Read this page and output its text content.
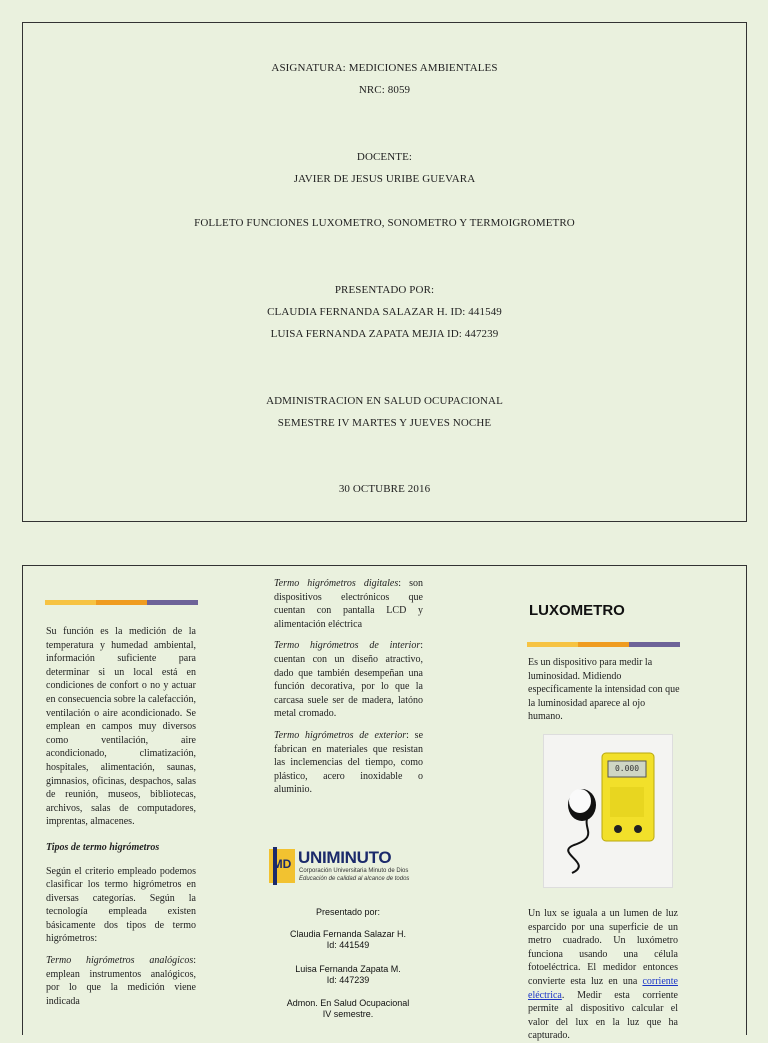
ASIGNATURA: MEDICIONES AMBIENTALES
NRC: 8059
DOCENTE:
JAVIER DE JESUS URIBE GUEVARA
FOLLETO FUNCIONES LUXOMETRO, SONOMETRO Y TERMOIGROMETRO
PRESENTADO POR:
CLAUDIA FERNANDA SALAZAR H. ID: 441549
LUISA FERNANDA ZAPATA MEJIA ID: 447239
ADMINISTRACION EN SALUD OCUPACIONAL
SEMESTRE IV MARTES Y JUEVES NOCHE
30 OCTUBRE 2016

Su función es la medición de la temperatura y humedad ambiental, información suficiente para determinar si un local está en condiciones de confort o no y actuar en consecuencia sobre la calefacción, ventilación o aire acondicionado. Se emplean en campos muy diversos como ventilación, aire acondicionado, climatización, hospitales, alimentación, saunas, gimnasios, oficinas, despachos, salas de reunión, museos, bibliotecas, archivos, salas de computadores, imprentas, almacenes.

Tipos de termo higrómetros

Según el criterio empleado podemos clasificar los termo higrómetros en diversas categorías. Según la tecnología empleada existen básicamente dos tipos de termo higrómetros:

Termo higrómetros analógicos: emplean instrumentos analógicos, por lo que la medición viene indicada

Termo higrómetros digitales: son dispositivos electrónicos que cuentan con pantalla LCD y alimentación eléctrica

Termo higrómetros de interior: cuentan con un diseño atractivo, dado que también desempeñan una función decorativa, por lo que la carcasa suele ser de madera, latóno metal cromado.

Termo higrómetros de exterior: se fabrican en materiales que resistan las inclemencias del tiempo, como plástico, acero inoxidable o aluminio.

MD UNIMINUTO
Corporación Universitaria Minuto de Dios
Educación de calidad al alcance de todos
Presentado por:
Claudia Fernanda Salazar H.
Id: 441549
Luisa Fernanda Zapata M.
Id: 447239
Admon. En Salud Ocupacional
IV semestre.
LUXOMETRO

Es un dispositivo para medir la luminosidad. Midiendo específicamente la intensidad con que la luminosidad aparece al ojo humano.

0.000

Un lux se iguala a un lumen de luz esparcido por una superficie de un metro cuadrado. Un luxómetro funciona usando una célula fotoeléctrica. El medidor entonces convierte esta luz en una corriente eléctrica. Medir esta corriente permite al dispositivo calcular el valor del lux en la luz que ha capturado.
